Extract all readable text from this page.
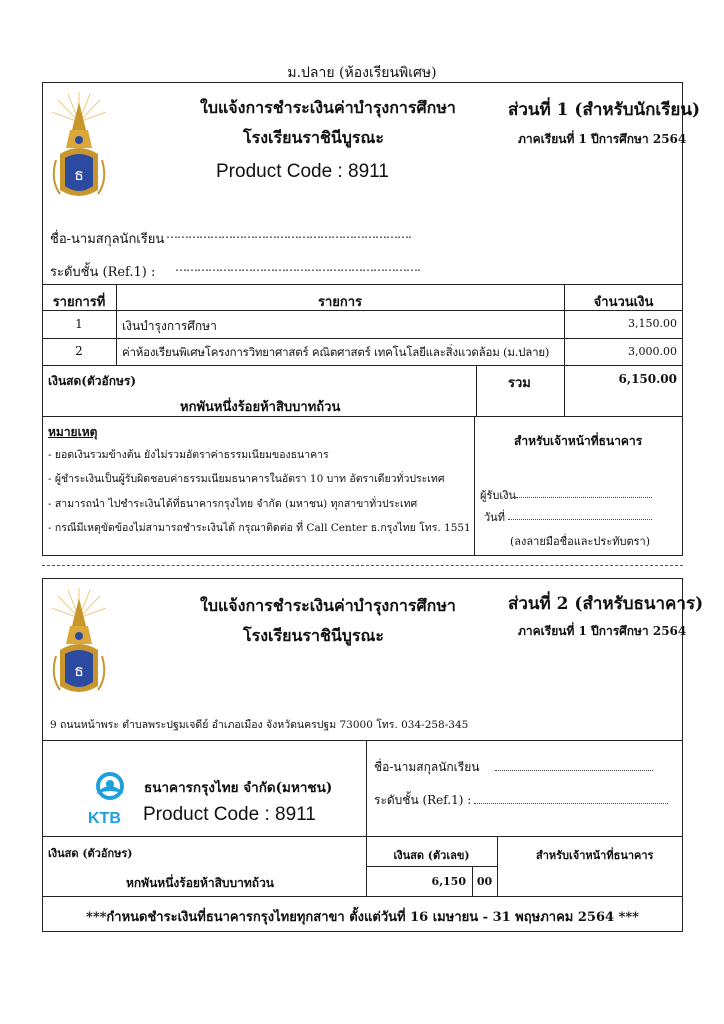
ม.ปลาย (ห้องเรียนพิเศษ)
ธ
ใบแจ้งการชำระเงินค่าบำรุงการศึกษา
โรงเรียนราชินีบูรณะ
Product Code : 8911
ส่วนที่ 1 (สำหรับนักเรียน)
ภาคเรียนที่ 1 ปีการศึกษา 2564
ชื่อ-นามสกุลนักเรียน ………………………………………………………….
ระดับชั้น (Ref.1) : ………………………………………………………….
รายการที่	รายการ	จำนวนเงิน
1	เงินบำรุงการศึกษา	3,150.00
2	ค่าห้องเรียนพิเศษโครงการวิทยาศาสตร์ คณิตศาสตร์ เทคโนโลยีและสิ่งแวดล้อม (ม.ปลาย)	3,000.00
เงินสด(ตัวอักษร)
หกพันหนึ่งร้อยห้าสิบบาทถ้วน
รวม	6,150.00
หมายเหตุ
- ยอดเงินรวมข้างต้น ยังไม่รวมอัตราค่าธรรมเนียมของธนาคาร
- ผู้ชำระเงินเป็นผู้รับผิดชอบค่าธรรมเนียมธนาคารในอัตรา 10 บาท อัตราเดียวทั่วประเทศ
- สามารถนำ ไปชำระเงินได้ที่ธนาคารกรุงไทย จำกัด (มหาชน) ทุกสาขาทั่วประเทศ
- กรณีมีเหตุขัดข้องไม่สามารถชำระเงินได้ กรุณาติดต่อ ที่ Call Center ธ.กรุงไทย โทร. 1551
สำหรับเจ้าหน้าที่ธนาคาร
ผู้รับเงิน
วันที่
(ลงลายมือชื่อและประทับตรา)
ธ
ใบแจ้งการชำระเงินค่าบำรุงการศึกษา
โรงเรียนราชินีบูรณะ
ส่วนที่ 2 (สำหรับธนาคาร)
ภาคเรียนที่ 1 ปีการศึกษา 2564
9 ถนนหน้าพระ ตำบลพระปฐมเจดีย์ อำเภอเมือง จังหวัดนครปฐม 73000 โทร. 034-258-345
KTB
ธนาคารกรุงไทย จำกัด(มหาชน)
Product Code : 8911
ชื่อ-นามสกุลนักเรียน
ระดับชั้น (Ref.1) :
เงินสด (ตัวอักษร)
หกพันหนึ่งร้อยห้าสิบบาทถ้วน
เงินสด (ตัวเลข)
6,150 00
สำหรับเจ้าหน้าที่ธนาคาร
***กำหนดชำระเงินที่ธนาคารกรุงไทยทุกสาขา ตั้งแต่วันที่ 16 เมษายน - 31 พฤษภาคม 2564 ***
